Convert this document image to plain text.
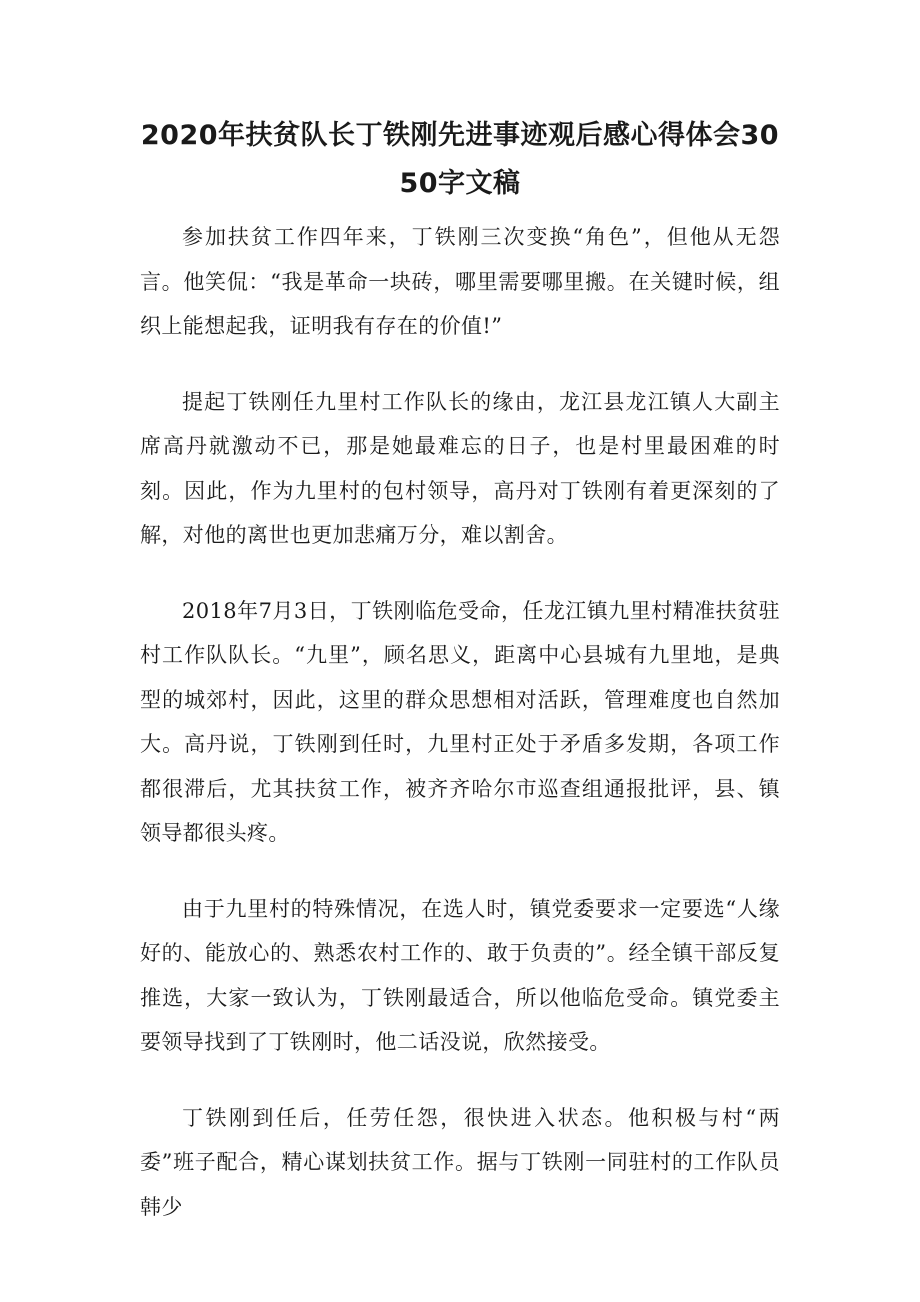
2020年扶贫队长丁铁刚先进事迹观后感心得体会3050字文稿

参加扶贫工作四年来，丁铁刚三次变换“角色”，但他从无怨言。他笑侃：“我是革命一块砖，哪里需要哪里搬。在关键时候，组织上能想起我，证明我有存在的价值!”

提起丁铁刚任九里村工作队长的缘由，龙江县龙江镇人大副主席高丹就激动不已，那是她最难忘的日子，也是村里最困难的时刻。因此，作为九里村的包村领导，高丹对丁铁刚有着更深刻的了解，对他的离世也更加悲痛万分，难以割舍。

2018年7月3日，丁铁刚临危受命，任龙江镇九里村精准扶贫驻村工作队队长。“九里”，顾名思义，距离中心县城有九里地，是典型的城郊村，因此，这里的群众思想相对活跃，管理难度也自然加大。高丹说，丁铁刚到任时，九里村正处于矛盾多发期，各项工作都很滞后，尤其扶贫工作，被齐齐哈尔市巡查组通报批评，县、镇领导都很头疼。

由于九里村的特殊情况，在选人时，镇党委要求一定要选“人缘好的、能放心的、熟悉农村工作的、敢于负责的”。经全镇干部反复推选，大家一致认为，丁铁刚最适合，所以他临危受命。镇党委主要领导找到了丁铁刚时，他二话没说，欣然接受。

丁铁刚到任后，任劳任怨，很快进入状态。他积极与村“两委”班子配合，精心谋划扶贫工作。据与丁铁刚一同驻村的工作队员韩少
